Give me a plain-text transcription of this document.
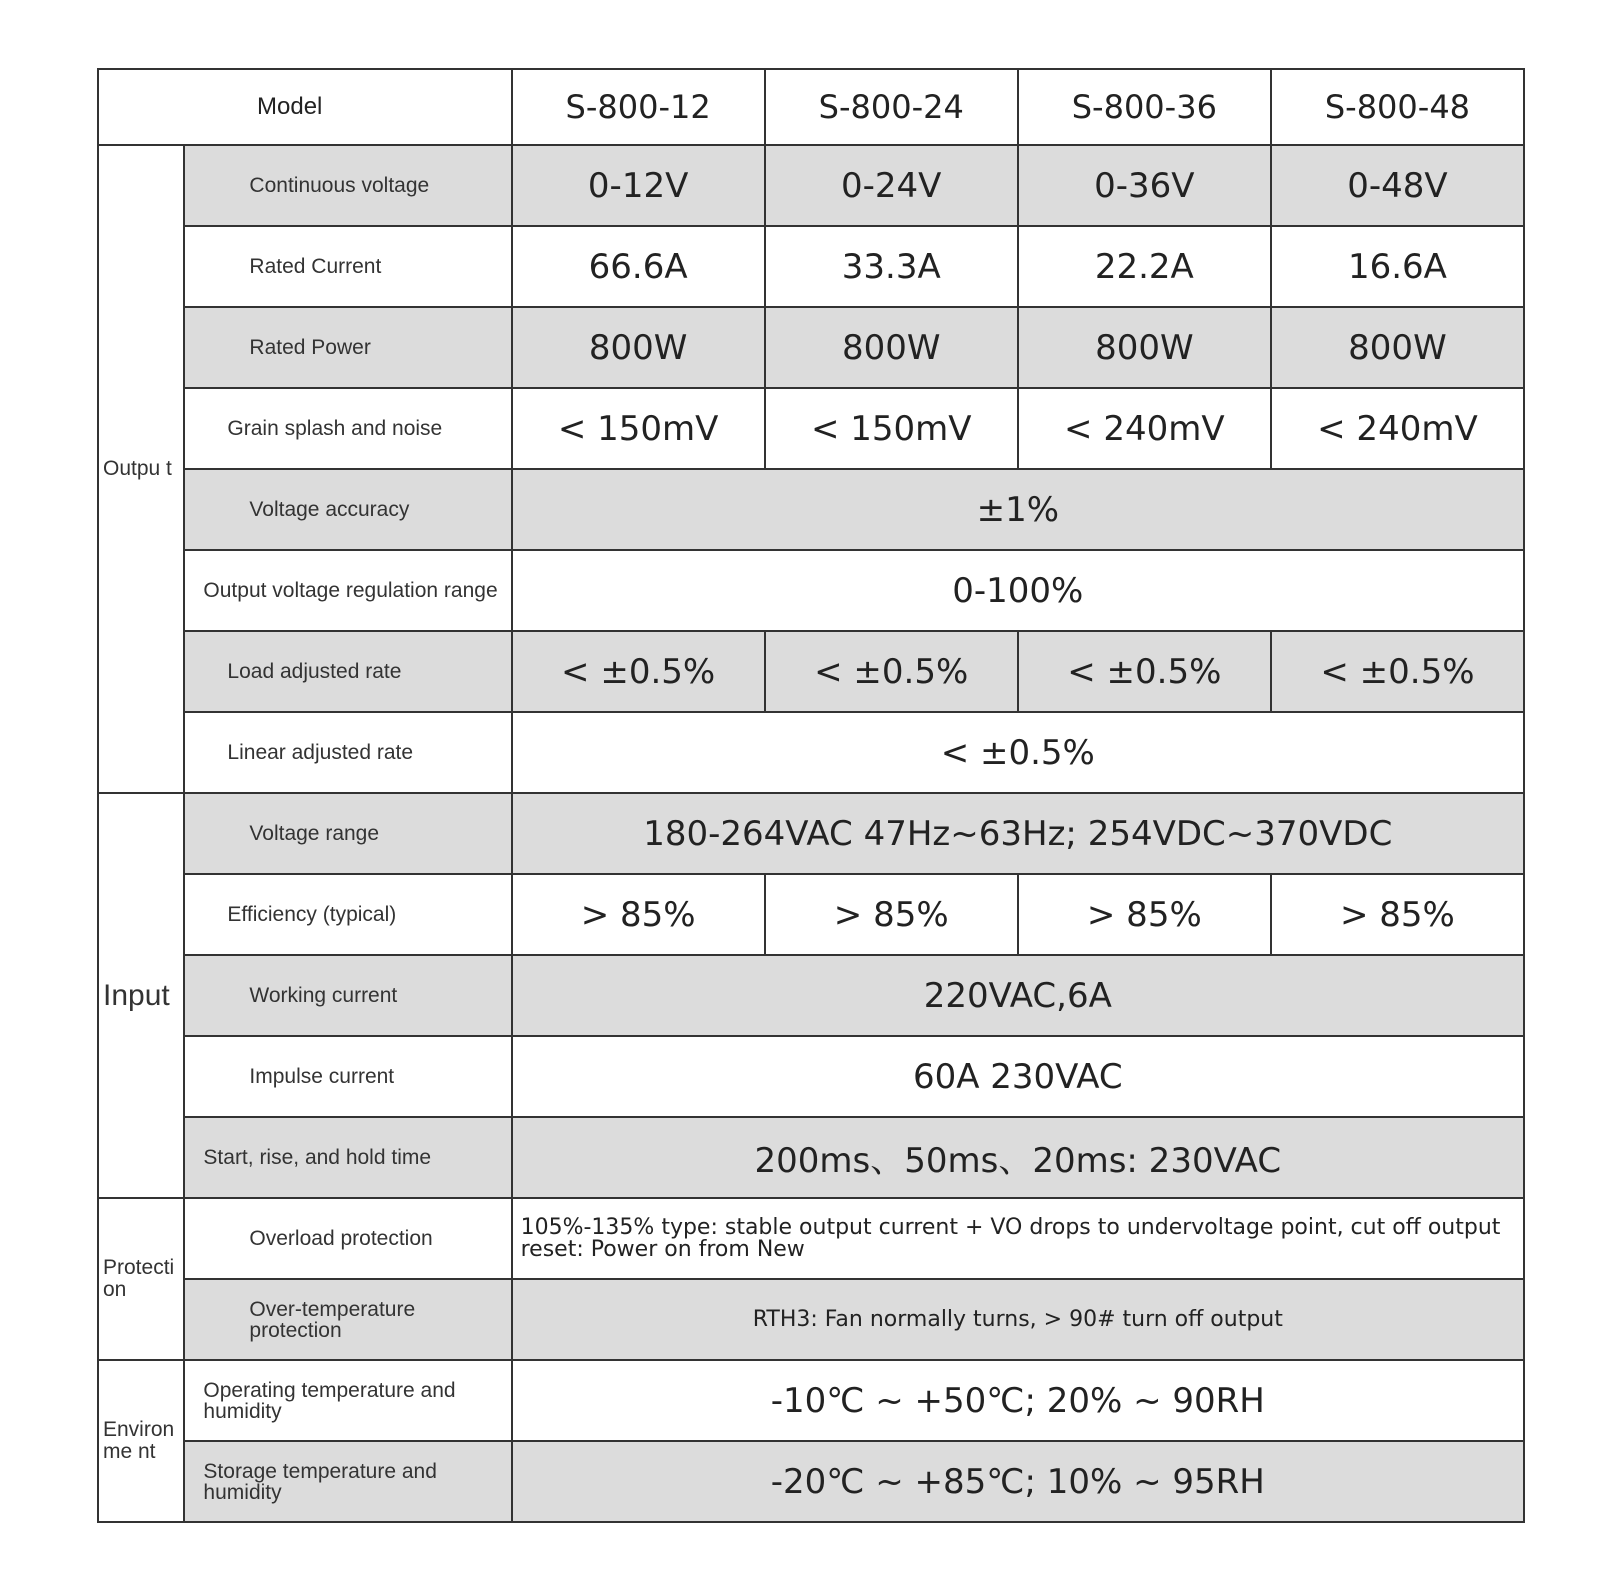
Model		S-800-12	S-800-24	S-800-36	S-800-48

Outpu t	Continuous voltage	0-12V	0-24V	0-36V	0-48V

	Rated Current	66.6A	33.3A	22.2A	16.6A

	Rated Power	800W	800W	800W	800W

	Grain splash and noise	< 150mV	< 150mV	< 240mV	< 240mV

	Voltage accuracy	±1%			

	Output voltage regulation range	0-100%			

	Load adjusted rate	< ±0.5%	< ±0.5%	< ±0.5%	< ±0.5%

	Linear adjusted rate	< ±0.5%			

Input	Voltage range	180-264VAC 47Hz~63Hz; 254VDC~370VDC			

	Efficiency (typical)	> 85%	> 85%	> 85%	> 85%

	Working current	220VAC,6A			

	Impulse current	60A 230VAC			

	Start, rise, and hold time	200ms、50ms、20ms: 230VAC			

Protecti on	Overload protection	105%-135% type: stable output current + VO drops to undervoltage point, cut off output reset: Power on from New			

	Over-temperature protection	RTH3: Fan normally turns, > 90# turn off output			

Environme nt	Operating temperature and humidity	-10℃ ~ +50℃; 20% ~ 90RH			

	Storage temperature and humidity	-20℃ ~ +85℃; 10% ~ 95RH			
